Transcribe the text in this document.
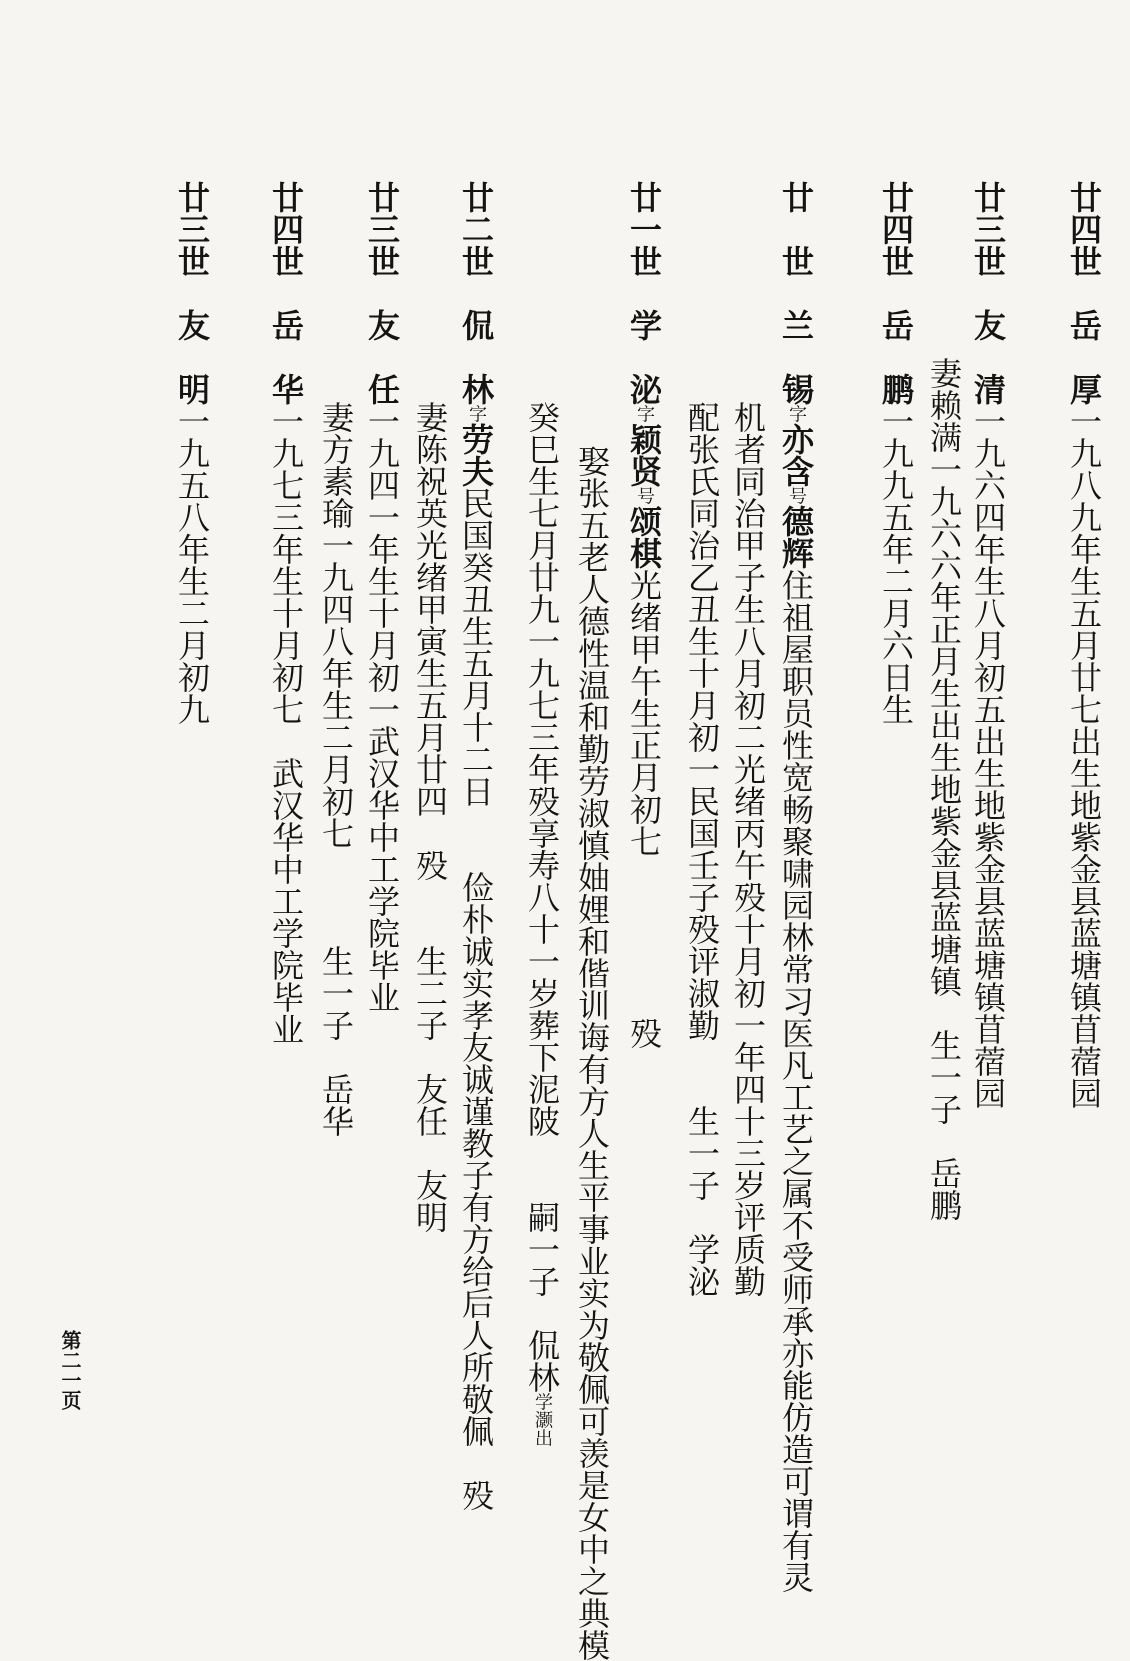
廿四世　岳　厚一九八九年生五月廿七出生地紫金县蓝塘镇苜蓿园

廿三世　友　清一九六四年生八月初五出生地紫金县蓝塘镇苜蓿园

妻赖满一九六六年正月生出生地紫金县蓝塘镇　生一子　岳鹏

廿四世　岳　鹏一九九五年二月六日生

廿　世　兰　锡字亦含号德辉住祖屋职员性宽畅聚啸园林常习医凡工艺之属不受师承亦能仿造可谓有灵

机者同治甲子生八月初二光绪丙午殁十月初一年四十三岁评质勤

配张氏同治乙丑生十月初一民国壬子殁评淑勤　　生一子　学泌

廿一世　学　泌字颖贤号颂棋光绪甲午生正月初七　　　　　殁

娶张五老人德性温和勤劳淑慎妯娌和偕训诲有方人生平事业实为敬佩可羡是女中之典模

癸巳生七月廿九一九七三年殁享寿八十一岁葬下泥陂　　嗣一子　侃林学灏出

廿二世　侃　林字劳夫民国癸丑生五月十二日　　俭朴诚实孝友诚谨教子有方给后人所敬佩　殁

妻陈祝英光绪甲寅生五月廿四　殁　　生二子　友任　友明

廿三世　友　任一九四一年生十月初一武汉华中工学院毕业

妻方素瑜一九四八年生二月初七　　　生一子　岳华

廿四世　岳　华一九七三年生十月初七　武汉华中工学院毕业

廿三世　友　明一九五八年生二月初九

第二一页
